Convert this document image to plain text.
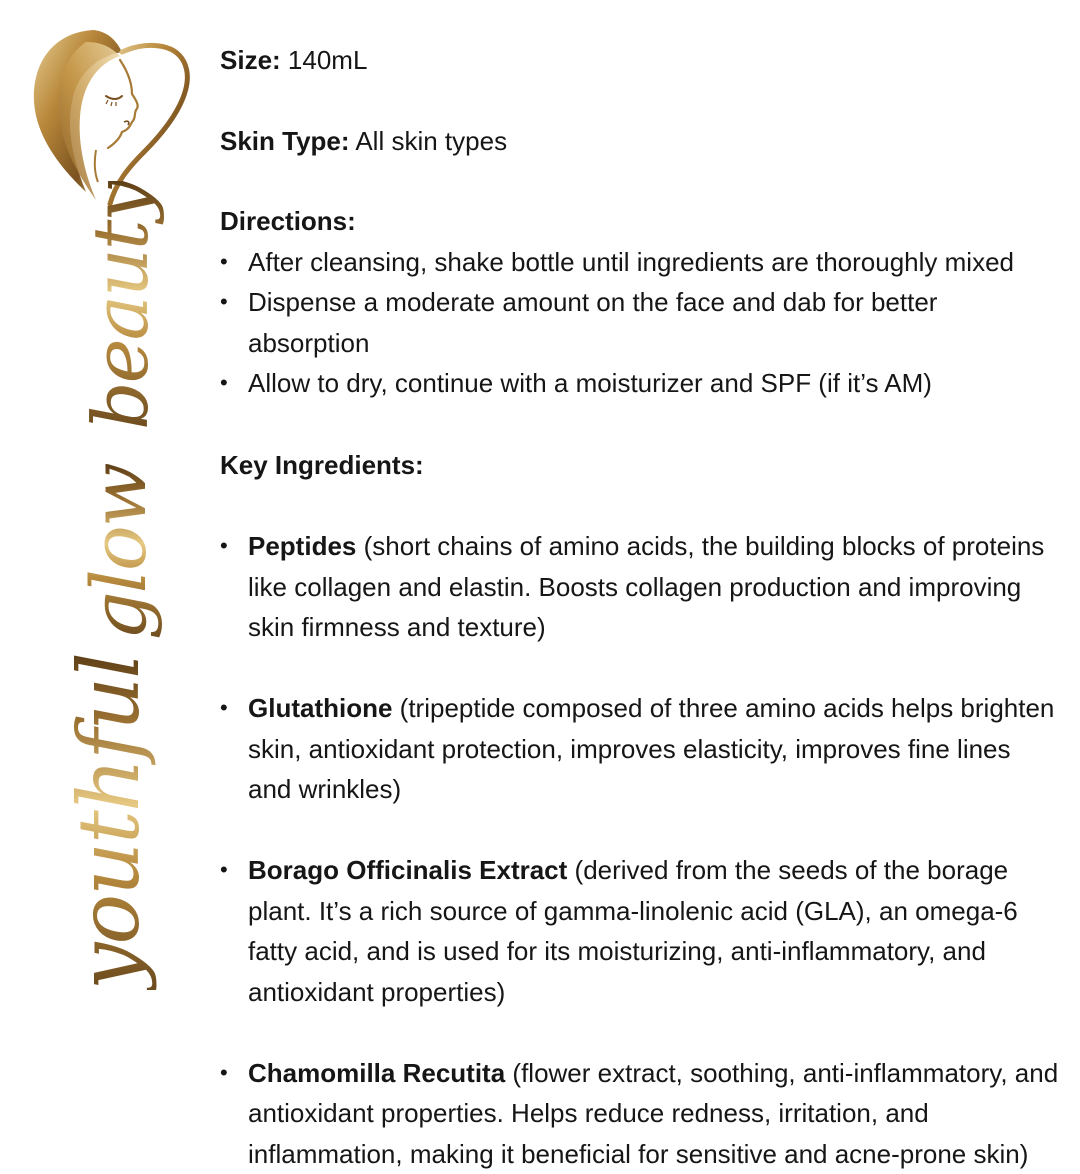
youthful
glow
beauty

Size: 140mL

Skin Type: All skin types

Directions:

• After cleansing, shake bottle until ingredients are thoroughly mixed
• Dispense a moderate amount on the face and dab for better absorption
• Allow to dry, continue with a moisturizer and SPF (if it’s AM)

Key Ingredients:

• Peptides (short chains of amino acids, the building blocks of proteins like collagen and elastin. Boosts collagen production and improving skin firmness and texture)
• Glutathione (tripeptide composed of three amino acids helps brighten skin, antioxidant protection, improves elasticity, improves fine lines and wrinkles)
• Borago Officinalis Extract (derived from the seeds of the borage plant. It’s a rich source of gamma-linolenic acid (GLA), an omega-6 fatty acid, and is used for its moisturizing, anti-inflammatory, and antioxidant properties)
• Chamomilla Recutita (flower extract, soothing, anti-inflammatory, and antioxidant properties. Helps reduce redness, irritation, and inflammation, making it beneficial for sensitive and acne-prone skin)
